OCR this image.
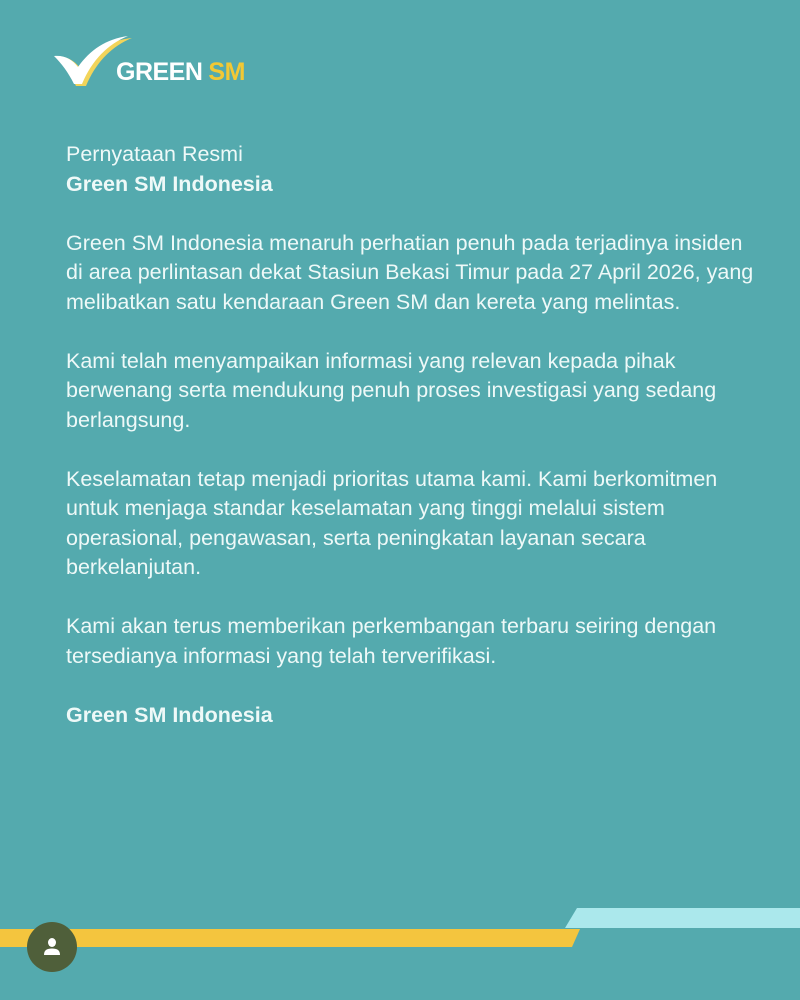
GREEN SM
Pernyataan Resmi
Green SM Indonesia

Green SM Indonesia menaruh perhatian penuh pada terjadinya insiden di area perlintasan dekat Stasiun Bekasi Timur pada 27 April 2026, yang melibatkan satu kendaraan Green SM dan kereta yang melintas.

Kami telah menyampaikan informasi yang relevan kepada pihak berwenang serta mendukung penuh proses investigasi yang sedang berlangsung.

Keselamatan tetap menjadi prioritas utama kami. Kami berkomitmen untuk menjaga standar keselamatan yang tinggi melalui sistem operasional, pengawasan, serta peningkatan layanan secara berkelanjutan.

Kami akan terus memberikan perkembangan terbaru seiring dengan tersedianya informasi yang telah terverifikasi.

Green SM Indonesia
